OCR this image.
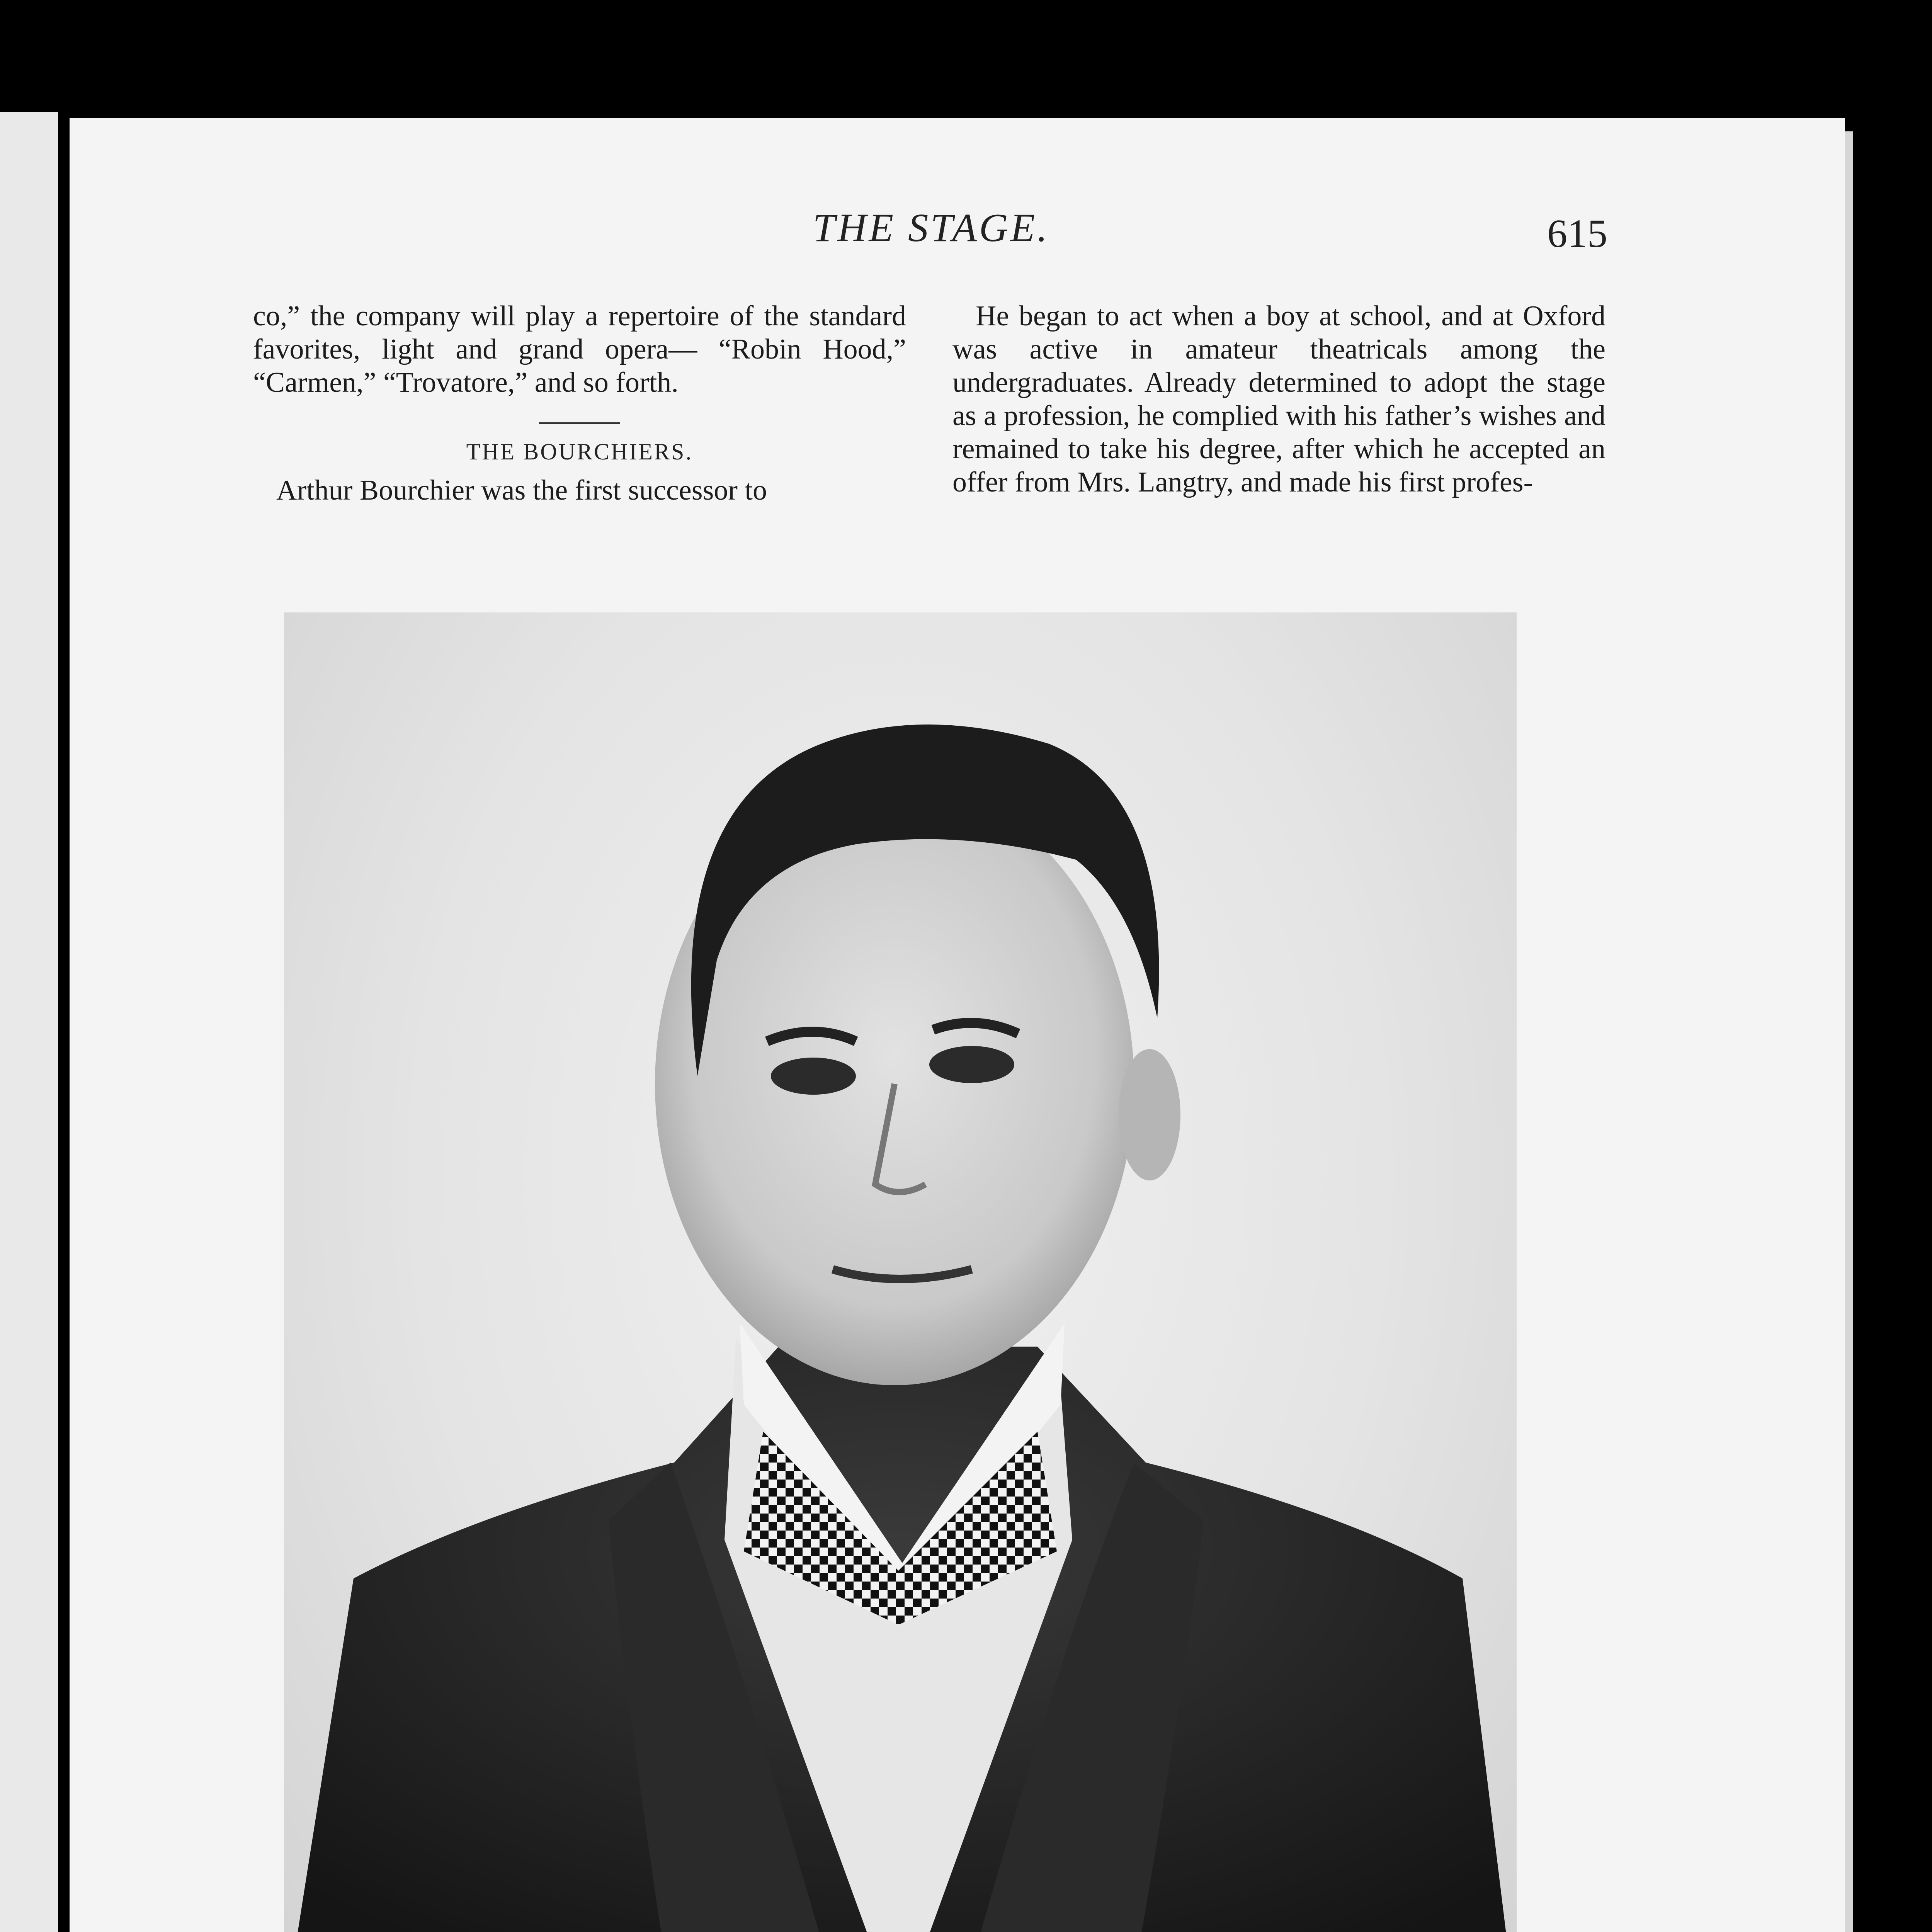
THE STAGE.	615

co,” the company will play a repertoire of the standard favorites, light and grand opera— “Robin Hood,” “Carmen,” “Trovatore,” and so forth.

THE BOURCHIERS.

Arthur Bourchier was the first successor to

He began to act when a boy at school, and at Oxford was active in amateur theatricals among the undergraduates. Already determined to adopt the stage as a profession, he complied with his father’s wishes and remained to take his degree, after which he accepted an offer from Mrs. Langtry, and made his first profes-
